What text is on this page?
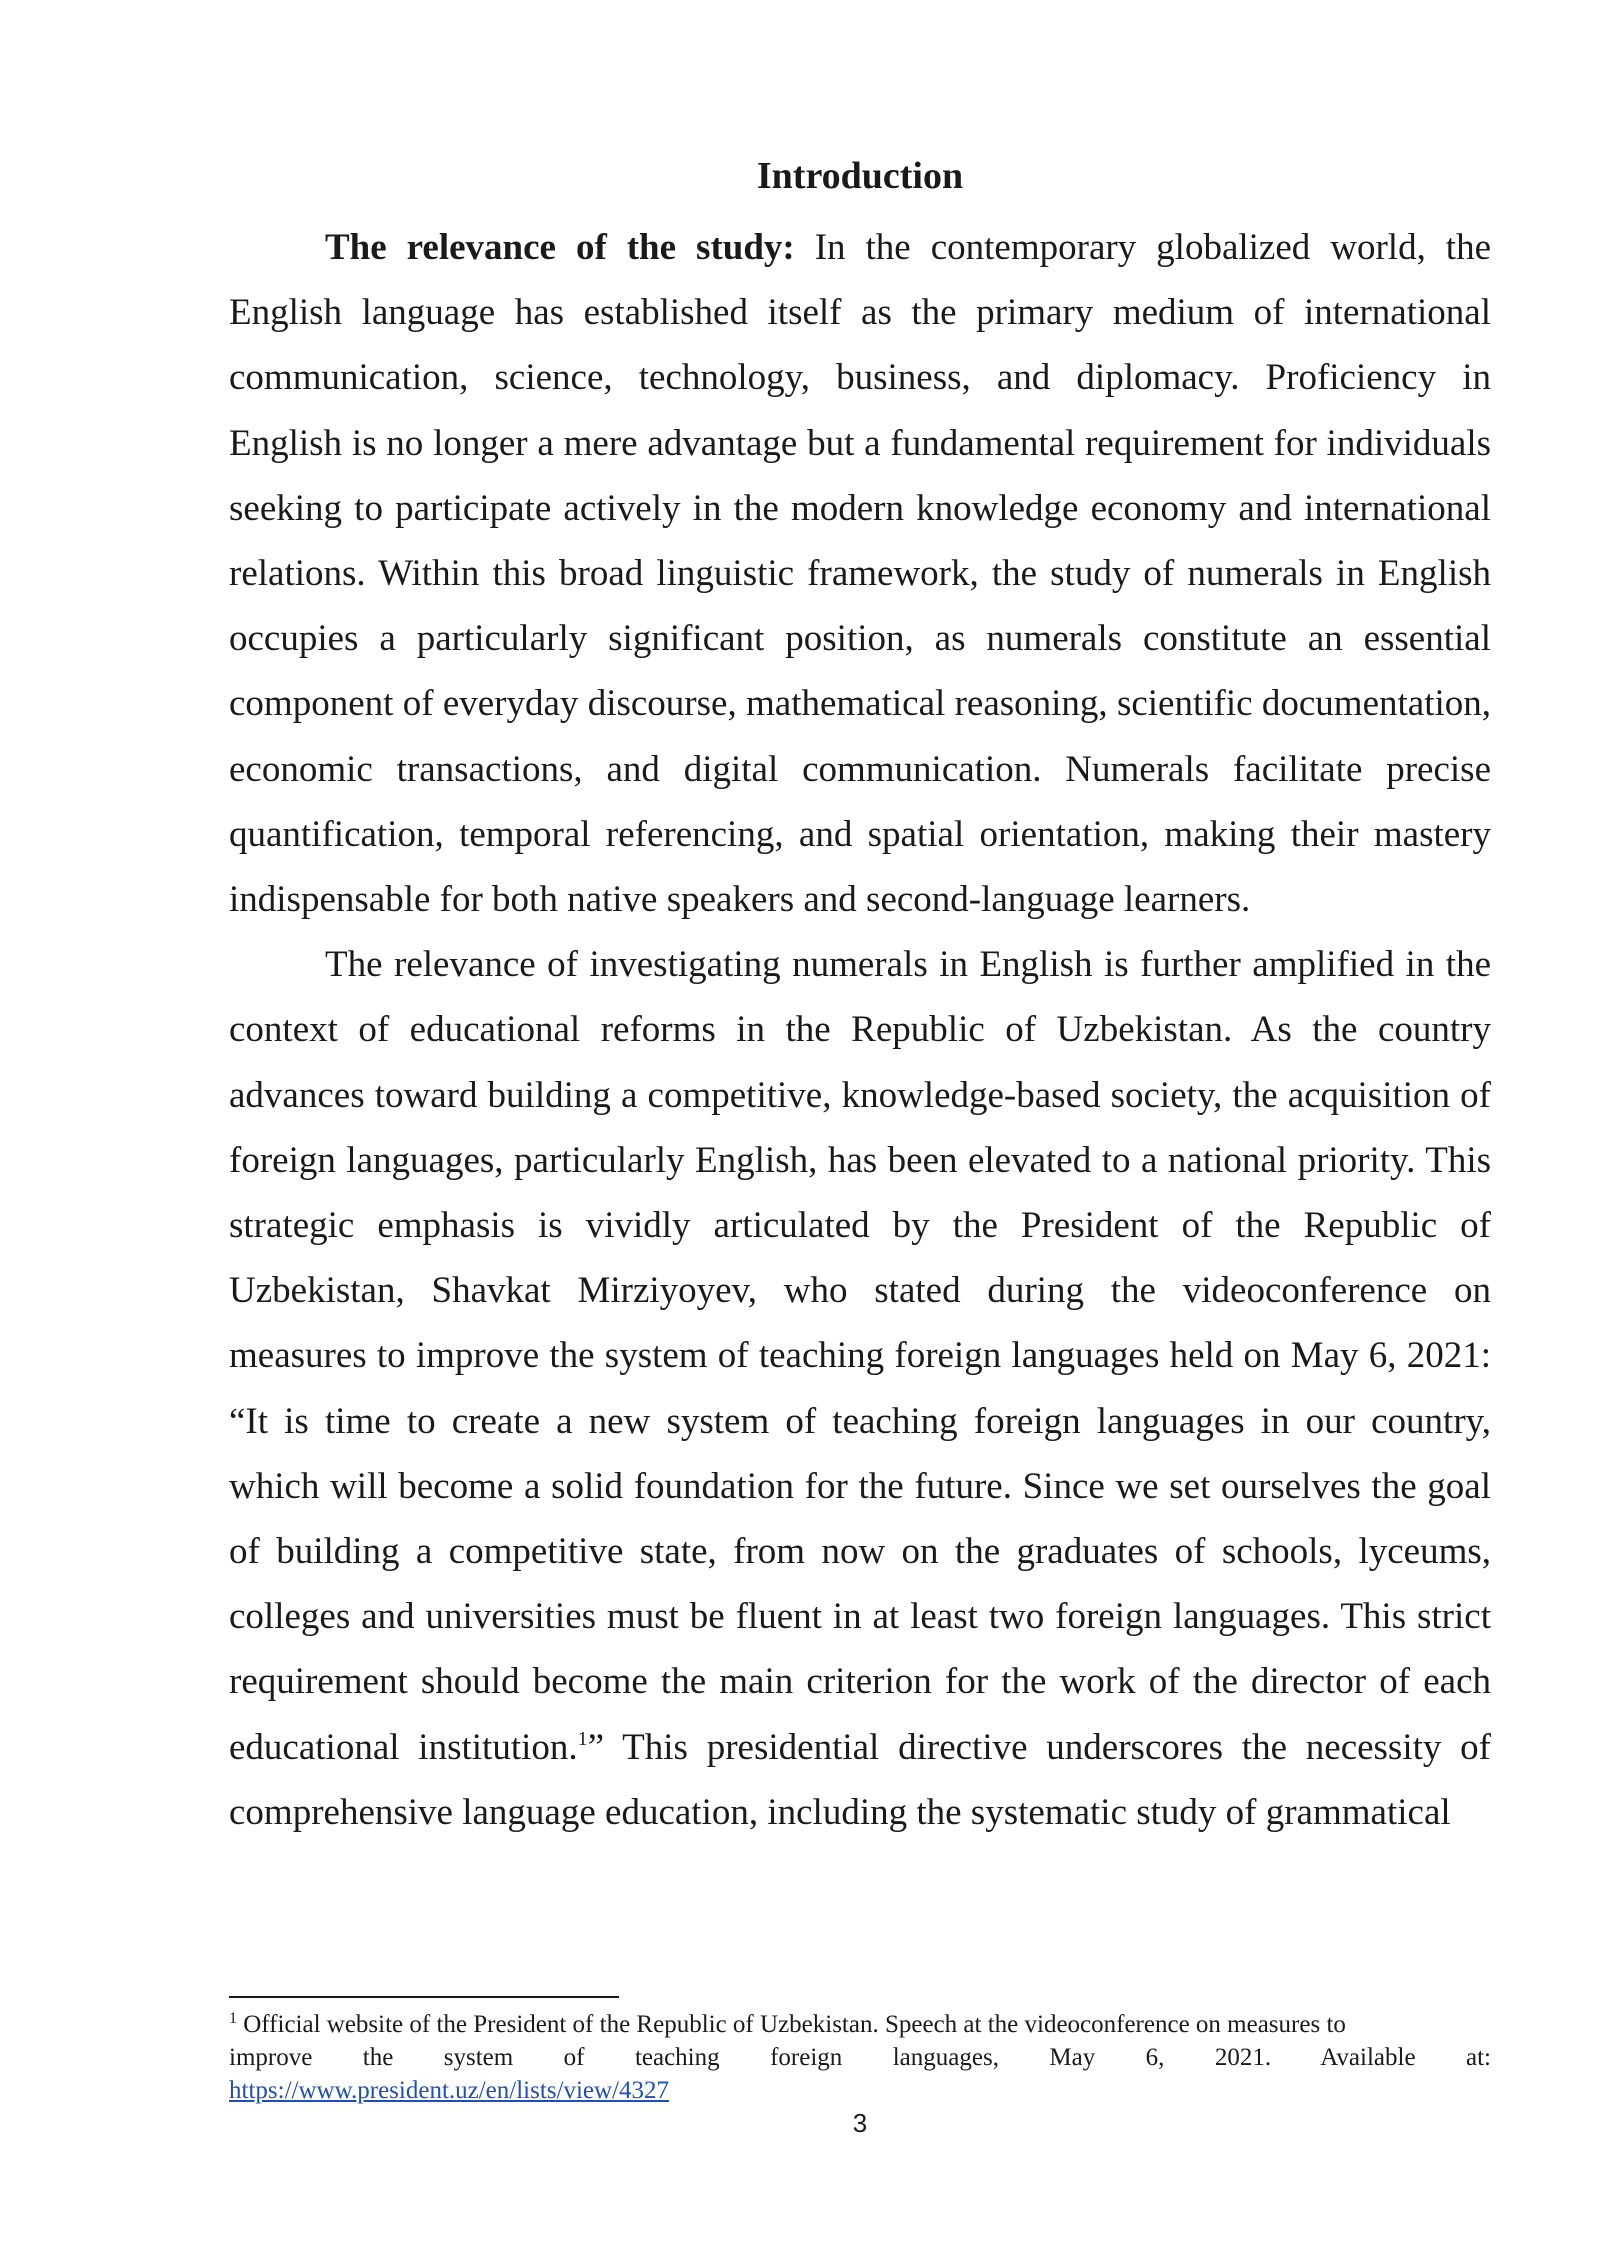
Introduction

The relevance of the study: In the contemporary globalized world, the English language has established itself as the primary medium of international communication, science, technology, business, and diplomacy. Proficiency in English is no longer a mere advantage but a fundamental requirement for individuals seeking to participate actively in the modern knowledge economy and international relations. Within this broad linguistic framework, the study of numerals in English occupies a particularly significant position, as numerals constitute an essential component of everyday discourse, mathematical reasoning, scientific documentation, economic transactions, and digital communication. Numerals facilitate precise quantification, temporal referencing, and spatial orientation, making their mastery indispensable for both native speakers and second-language learners.

The relevance of investigating numerals in English is further amplified in the context of educational reforms in the Republic of Uzbekistan. As the country advances toward building a competitive, knowledge-based society, the acquisition of foreign languages, particularly English, has been elevated to a national priority. This strategic emphasis is vividly articulated by the President of the Republic of Uzbekistan, Shavkat Mirziyoyev, who stated during the videoconference on measures to improve the system of teaching foreign languages held on May 6, 2021: “It is time to create a new system of teaching foreign languages in our country, which will become a solid foundation for the future. Since we set ourselves the goal of building a competitive state, from now on the graduates of schools, lyceums, colleges and universities must be fluent in at least two foreign languages. This strict requirement should become the main criterion for the work of the director of each educational institution.$^1$” This presidential directive underscores the necessity of comprehensive language education, including the systematic study of grammatical

$^1$ Official website of the President of the Republic of Uzbekistan. Speech at the videoconference on measures to
improve the system of teaching foreign languages, May 6, 2021. Available at:
https://www.president.uz/en/lists/view/4327
3
